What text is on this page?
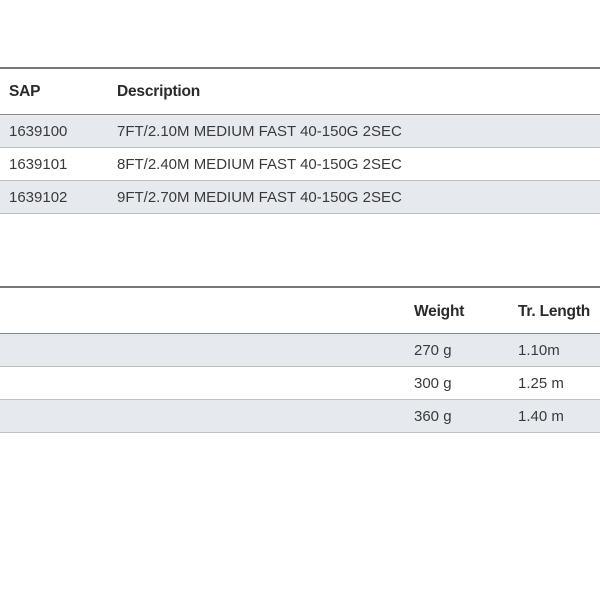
SAP	Description
1639100	7FT/2.10M MEDIUM FAST 40-150G 2SEC
1639101	8FT/2.40M MEDIUM FAST 40-150G 2SEC
1639102	9FT/2.70M MEDIUM FAST 40-150G 2SEC
Weight	Tr. Length
270 g	1.10m
300 g	1.25 m
360 g	1.40 m
